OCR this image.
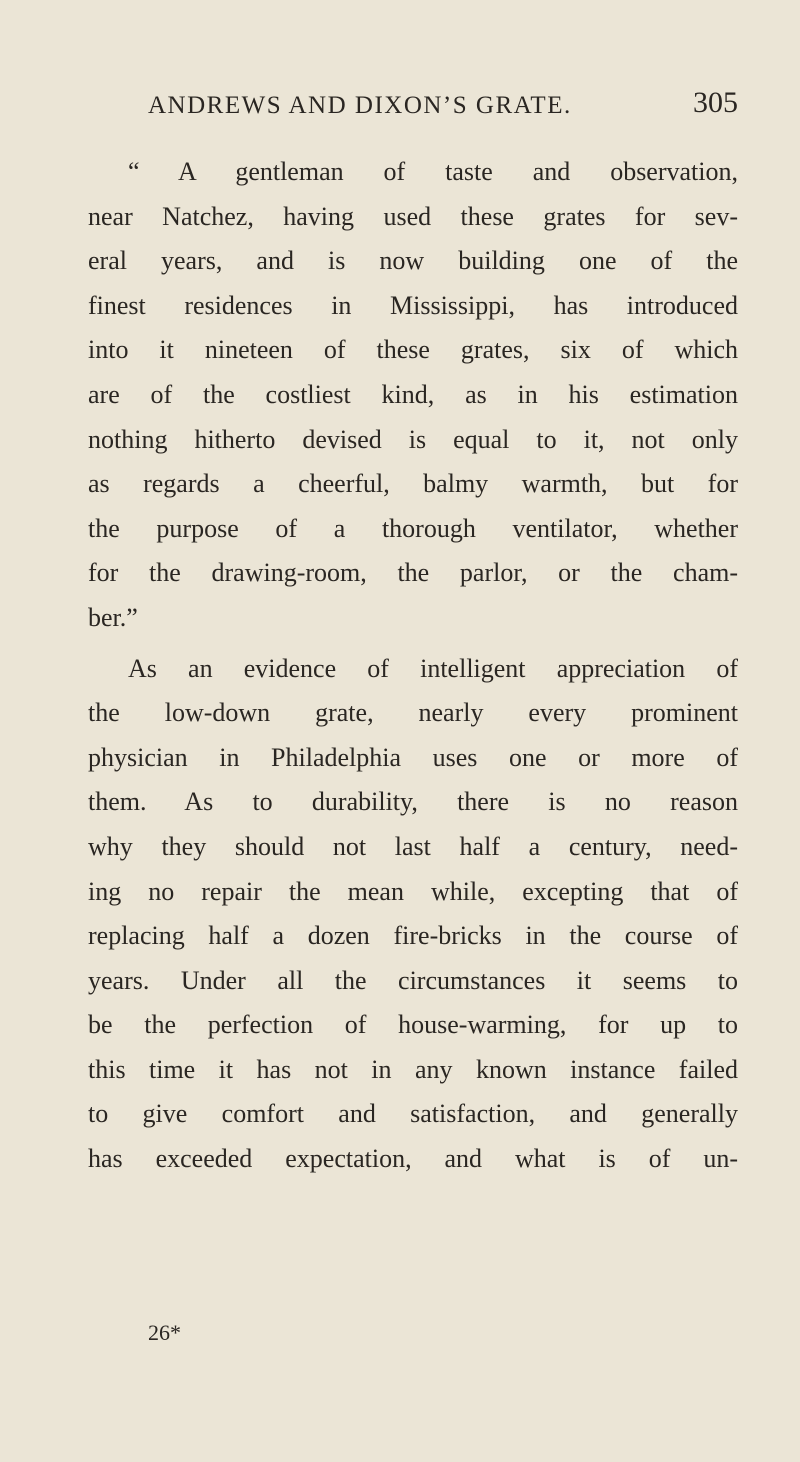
ANDREWS AND DIXON’S GRATE.	305
“ A gentleman of taste and observation,
near Natchez, having used these grates for sev-
eral years, and is now building one of the
finest residences in Mississippi, has introduced
into it nineteen of these grates, six of which
are of the costliest kind, as in his estimation
nothing hitherto devised is equal to it, not only
as regards a cheerful, balmy warmth, but for
the purpose of a thorough ventilator, whether
for the drawing-room, the parlor, or the cham-
ber.”
As an evidence of intelligent appreciation of
the low-down grate, nearly every prominent
physician in Philadelphia uses one or more of
them. As to durability, there is no reason
why they should not last half a century, need-
ing no repair the mean while, excepting that of
replacing half a dozen fire-bricks in the course of
years. Under all the circumstances it seems to
be the perfection of house-warming, for up to
this time it has not in any known instance failed
to give comfort and satisfaction, and generally
has exceeded expectation, and what is of un-
26*
